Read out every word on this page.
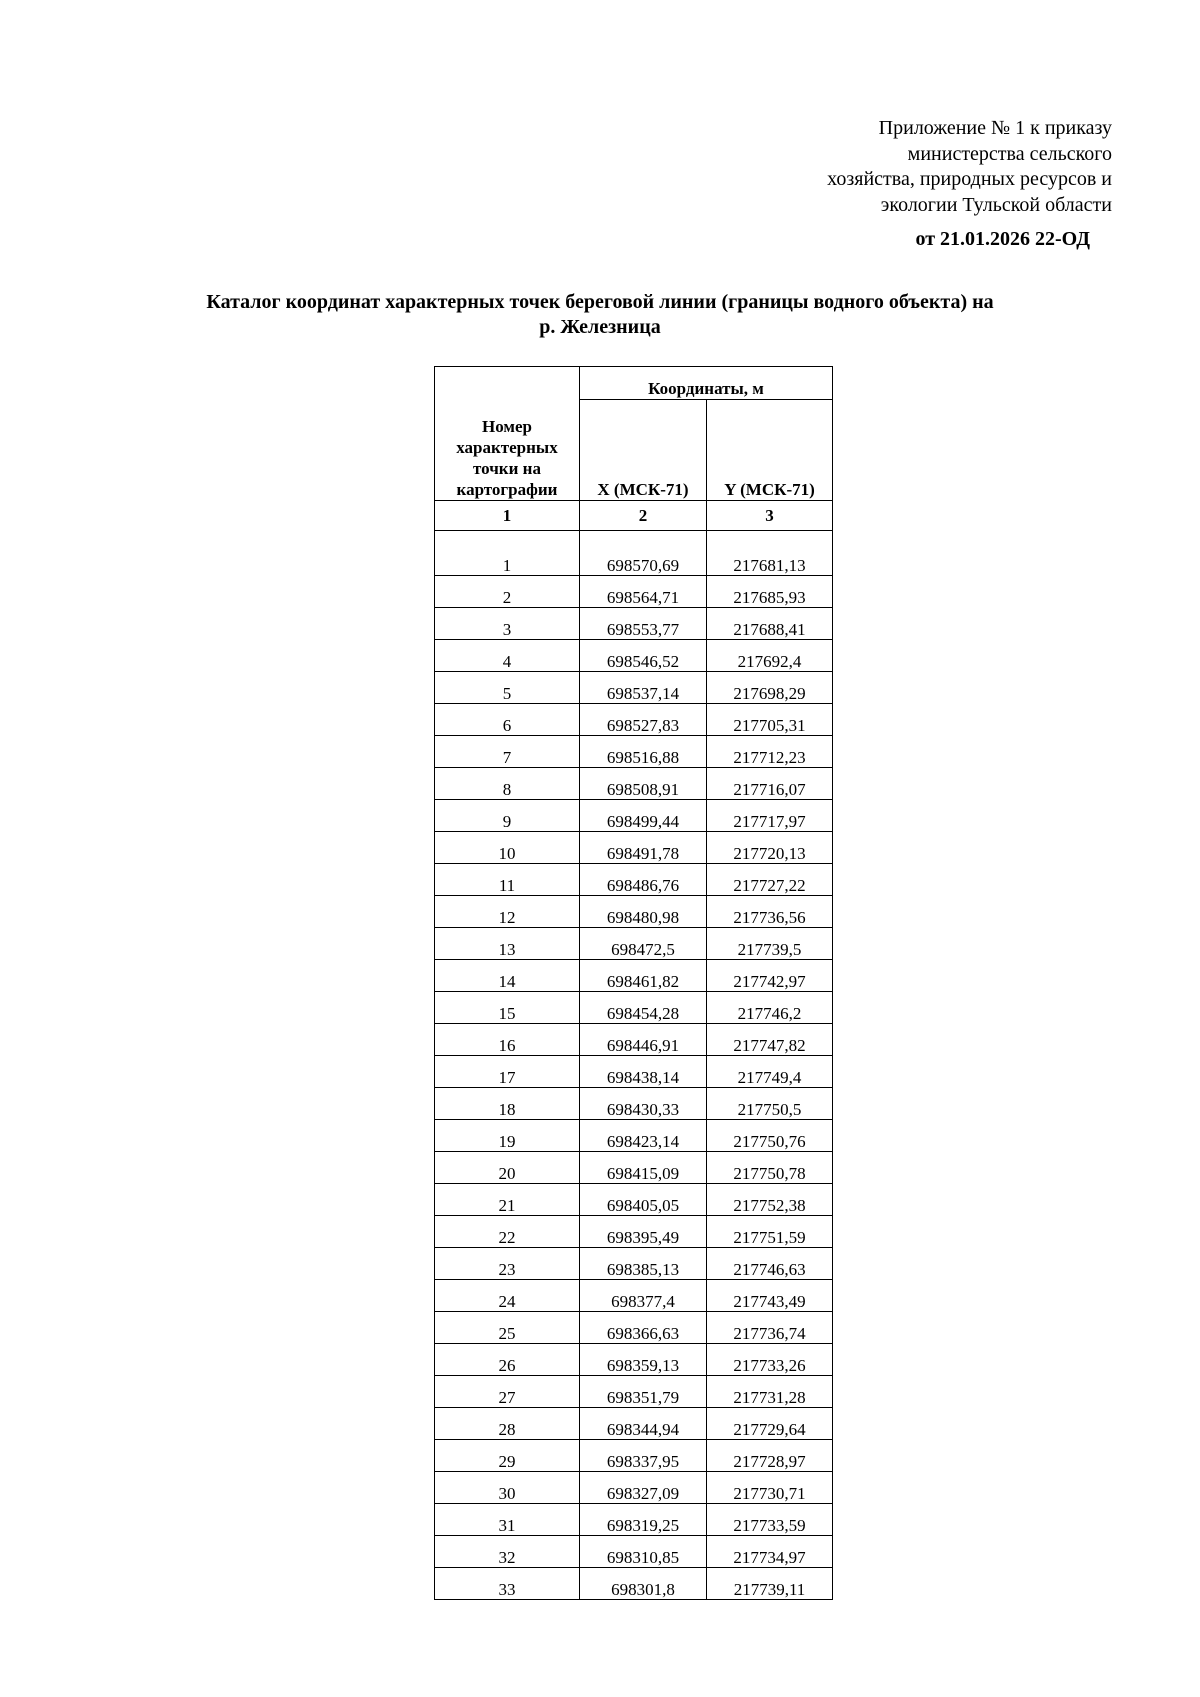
Приложение № 1 к приказу
министерства сельского
хозяйства, природных ресурсов и
экологии Тульской области
от 21.01.2026 22-ОД
Каталог координат характерных точек береговой линии (границы водного объекта) на
р. Железница
Номер
характерных
точки на
картографии	Координаты, м	
	X (МСК-71)	Y (МСК-71)
1	2	3
1	698570,69	217681,13
2	698564,71	217685,93
3	698553,77	217688,41
4	698546,52	217692,4
5	698537,14	217698,29
6	698527,83	217705,31
7	698516,88	217712,23
8	698508,91	217716,07
9	698499,44	217717,97
10	698491,78	217720,13
11	698486,76	217727,22
12	698480,98	217736,56
13	698472,5	217739,5
14	698461,82	217742,97
15	698454,28	217746,2
16	698446,91	217747,82
17	698438,14	217749,4
18	698430,33	217750,5
19	698423,14	217750,76
20	698415,09	217750,78
21	698405,05	217752,38
22	698395,49	217751,59
23	698385,13	217746,63
24	698377,4	217743,49
25	698366,63	217736,74
26	698359,13	217733,26
27	698351,79	217731,28
28	698344,94	217729,64
29	698337,95	217728,97
30	698327,09	217730,71
31	698319,25	217733,59
32	698310,85	217734,97
33	698301,8	217739,11
